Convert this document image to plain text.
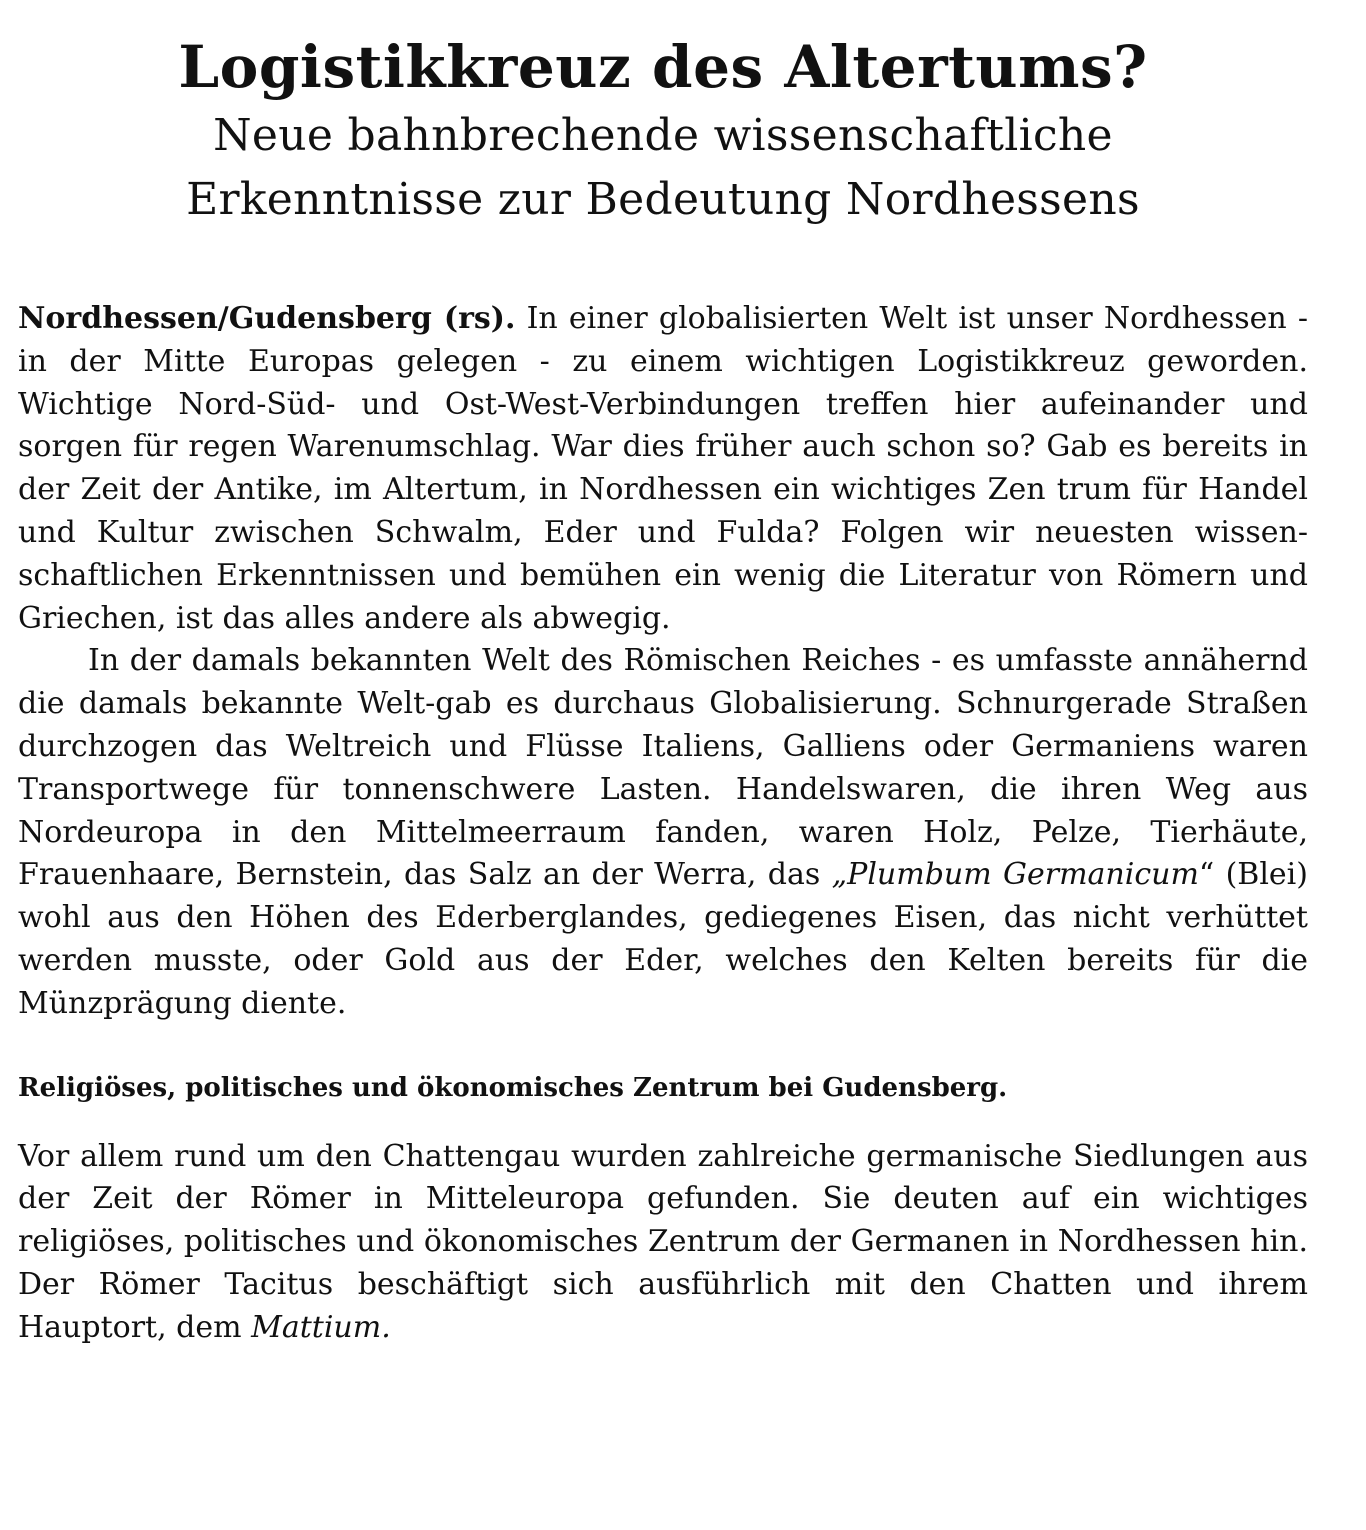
Logistikkreuz des Altertums?
Neue bahnbrechende wissenschaftliche
Erkenntnisse zur Bedeutung Nordhessens

Nordhessen/Gudensberg (rs). In einer globalisierten Welt ist unser Nordhessen - in der Mitte Europas gelegen - zu einem wichtigen Logistikkreuz geworden. Wichtige Nord-Süd- und Ost-West-Verbindungen treffen hier aufeinander und sorgen für regen Warenumschlag. War dies früher auch schon so? Gab es bereits in der Zeit der Antike, im Altertum, in Nordhessen ein wichtiges Zen trum für Handel und Kultur zwischen Schwalm, Eder und Fulda? Folgen wir neuesten wissenschaftlichen Erkenntnissen und bemühen ein wenig die Literatur von Römern und Griechen, ist das alles andere als abwegig.

In der damals bekannten Welt des Römischen Reiches - es umfasste annähernd die damals bekannte Welt-gab es durchaus Globalisierung. Schnurgerade Straßen durchzogen das Weltreich und Flüsse Italiens, Galliens oder Germaniens waren Transportwege für tonnenschwere Lasten. Handelswaren, die ihren Weg aus Nordeuropa in den Mittelmeerraum fanden, waren Holz, Pelze, Tierhäute, Frauenhaare, Bernstein, das Salz an der Werra, das „Plumbum Germanicum“ (Blei) wohl aus den Höhen des Ederberglandes, gediegenes Eisen, das nicht verhüttet werden musste, oder Gold aus der Eder, welches den Kelten bereits für die Münzprägung diente.

Religiöses, politisches und ökonomisches Zentrum bei Gudensberg.

Vor allem rund um den Chattengau wurden zahlreiche germanische Siedlungen aus der Zeit der Römer in Mitteleuropa gefunden. Sie deuten auf ein wichtiges religiöses, politisches und ökonomisches Zentrum der Germanen in Nordhessen hin. Der Römer Tacitus beschäftigt sich ausführlich mit den Chatten und ihrem Hauptort, dem Mattium.
